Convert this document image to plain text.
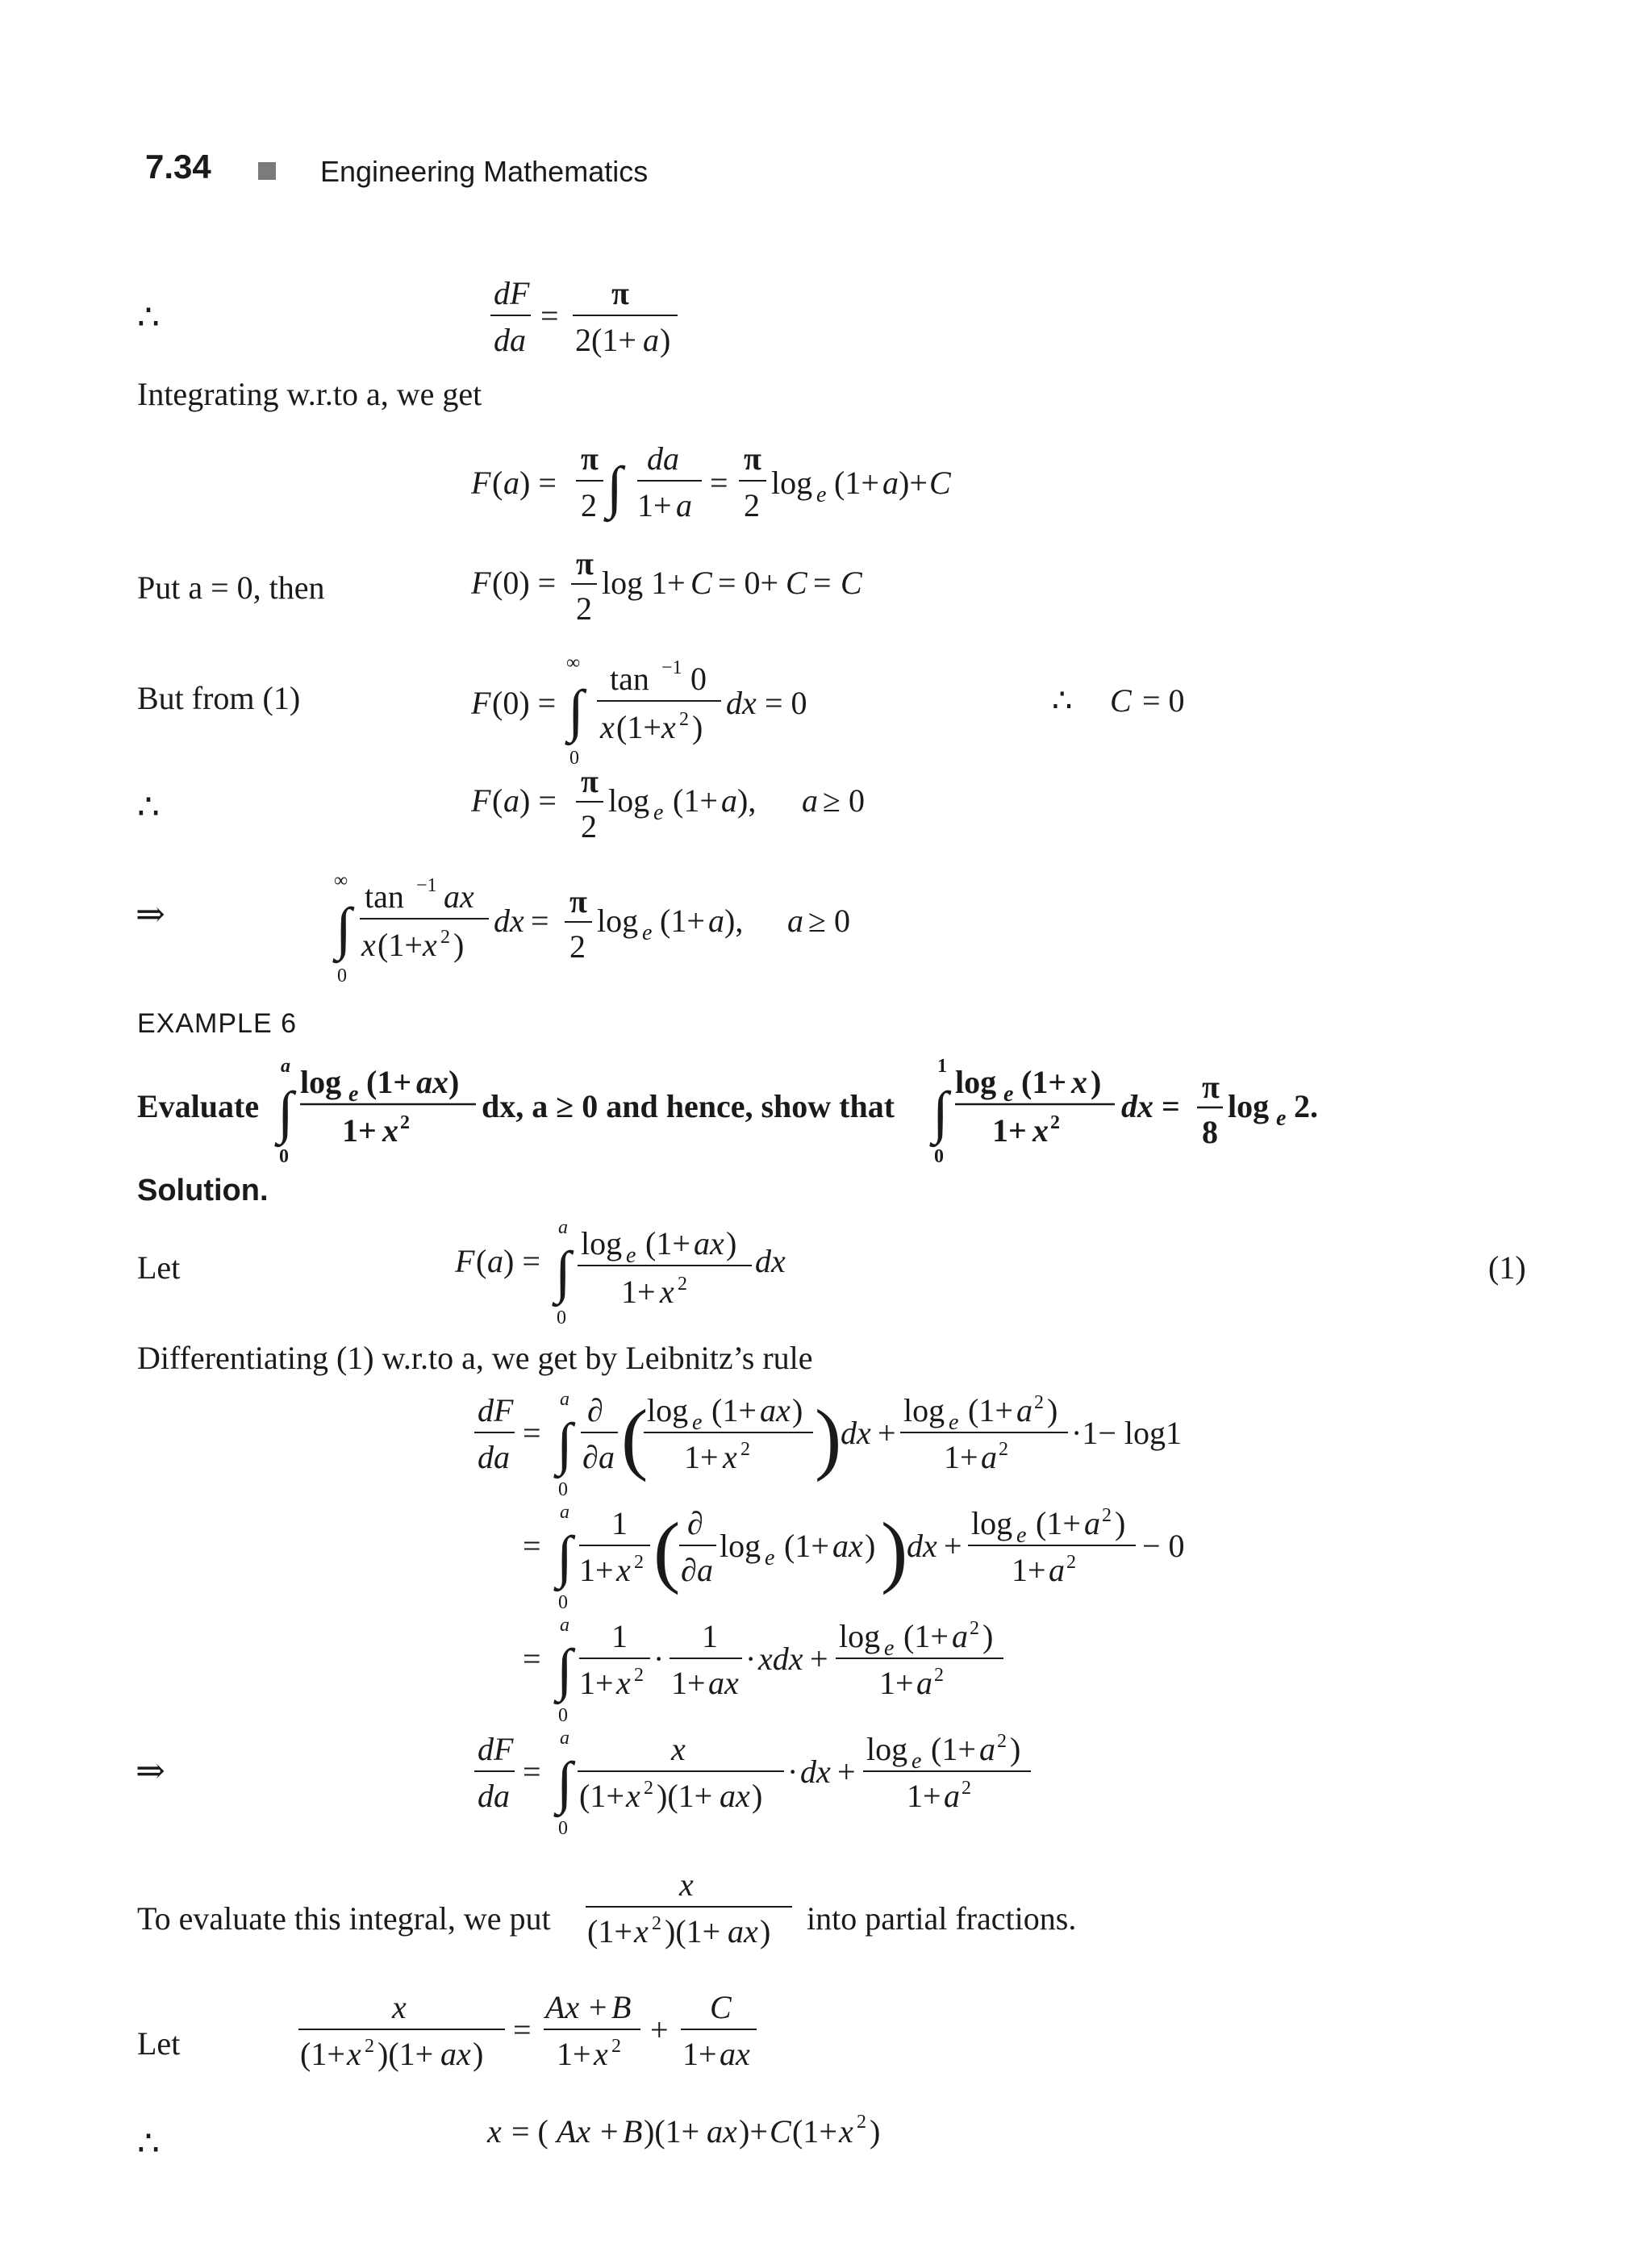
7.34	Engineering Mathematics
∴
dF
da
=
π
2(1+ a )
Integrating w.r.to a, we get
F ( a ) =
π
2 ∫ da
1+ a
=
π
2
log e (1+ a )+ C
Put a = 0, then	F (0) =
π
2
log 1+ C = 0+ C = C
But from (1)	F (0) =
∞
∫
0
tan −1 0
x (1+ x 2 )
dx = 0	∴ C = 0
∴	F ( a ) =
π
2
log e (1+ a ), a ≥ 0
⇒
∞
∫
0
tan −1 ax
x (1+ x 2 )
dx =
π
2
log e (1+ a ), a ≥ 0
EXAMPLE 6
Evaluate
a
∫
0
log e (1+ ax )
1+ x 2 dx, a ≥ 0 and hence, show that
1
∫
0
log e (1+ x )
1+ x 2 dx =
π
8
log e 2.
Solution.
Let	F ( a ) =
a
∫
0
log e (1+ ax )
1+ x 2
dx	(1)
Differentiating (1) w.r.to a, we get by Leibnitz’s rule
dF
da
=
a
∫
0
∂
∂ a (
log e (1+ ax )
1+ x 2 )
dx +
log e (1+ a 2 )
1+ a 2 ·1− log1
=
a
∫
0
1
1+ x 2 ( ∂
∂ a
log e (1+ ax ) )
dx +
log e (1+ a 2 )
1+ a 2 − 0
=
a
∫
0
1
1+ x 2 ·
1
1+ ax
· xdx +
log e (1+ a 2 )
1+ a 2
⇒
dF
da
=
a
∫
0
x
(1+ x 2 )(1+ ax )
· dx +
log e (1+ a 2 )
1+ a 2
To evaluate this integral, we put
x
(1+ x 2 )(1+ ax ) into partial fractions.
Let
x
(1+ x 2 )(1+ ax )
=
Ax + B
1+ x 2 +
C
1+ ax
∴	x = ( Ax + B )(1+ ax )+ C (1+ x 2 )
